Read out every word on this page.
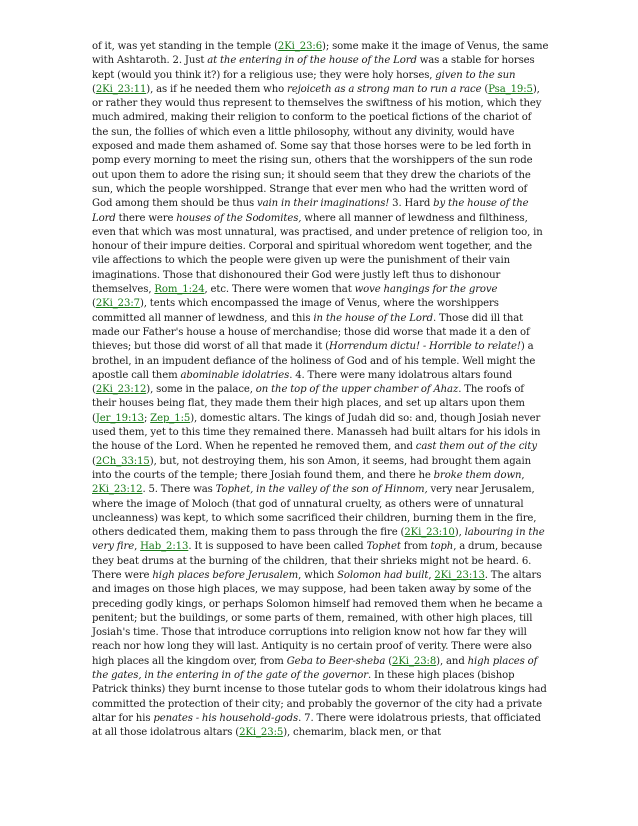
of it, was yet standing in the temple (2Ki_23:6); some make it the image of Venus, the same with Ashtaroth. 2. Just at the entering in of the house of the Lord was a stable for horses kept (would you think it?) for a religious use; they were holy horses, given to the sun (2Ki_23:11), as if he needed them who rejoiceth as a strong man to run a race (Psa_19:5), or rather they would thus represent to themselves the swiftness of his motion, which they much admired, making their religion to conform to the poetical fictions of the chariot of the sun, the follies of which even a little philosophy, without any divinity, would have exposed and made them ashamed of. Some say that those horses were to be led forth in pomp every morning to meet the rising sun, others that the worshippers of the sun rode out upon them to adore the rising sun; it should seem that they drew the chariots of the sun, which the people worshipped. Strange that ever men who had the written word of God among them should be thus vain in their imaginations! 3. Hard by the house of the Lord there were houses of the Sodomites, where all manner of lewdness and filthiness, even that which was most unnatural, was practised, and under pretence of religion too, in honour of their impure deities. Corporal and spiritual whoredom went together, and the vile affections to which the people were given up were the punishment of their vain imaginations. Those that dishonoured their God were justly left thus to dishonour themselves, Rom_1:24, etc. There were women that wove hangings for the grove (2Ki_23:7), tents which encompassed the image of Venus, where the worshippers committed all manner of lewdness, and this in the house of the Lord. Those did ill that made our Father's house a house of merchandise; those did worse that made it a den of thieves; but those did worst of all that made it (Horrendum dictu! - Horrible to relate!) a brothel, in an impudent defiance of the holiness of God and of his temple. Well might the apostle call them abominable idolatries. 4. There were many idolatrous altars found (2Ki_23:12), some in the palace, on the top of the upper chamber of Ahaz. The roofs of their houses being flat, they made them their high places, and set up altars upon them (Jer_19:13; Zep_1:5), domestic altars. The kings of Judah did so: and, though Josiah never used them, yet to this time they remained there. Manasseh had built altars for his idols in the house of the Lord. When he repented he removed them, and cast them out of the city (2Ch_33:15), but, not destroying them, his son Amon, it seems, had brought them again into the courts of the temple; there Josiah found them, and there he broke them down, 2Ki_23:12. 5. There was Tophet, in the valley of the son of Hinnom, very near Jerusalem, where the image of Moloch (that god of unnatural cruelty, as others were of unnatural uncleanness) was kept, to which some sacrificed their children, burning them in the fire, others dedicated them, making them to pass through the fire (2Ki_23:10), labouring in the very fire, Hab_2:13. It is supposed to have been called Tophet from toph, a drum, because they beat drums at the burning of the children, that their shrieks might not be heard. 6. There were high places before Jerusalem, which Solomon had built, 2Ki_23:13. The altars and images on those high places, we may suppose, had been taken away by some of the preceding godly kings, or perhaps Solomon himself had removed them when he became a penitent; but the buildings, or some parts of them, remained, with other high places, till Josiah's time. Those that introduce corruptions into religion know not how far they will reach nor how long they will last. Antiquity is no certain proof of verity. There were also high places all the kingdom over, from Geba to Beer-sheba (2Ki_23:8), and high places of the gates, in the entering in of the gate of the governor. In these high places (bishop Patrick thinks) they burnt incense to those tutelar gods to whom their idolatrous kings had committed the protection of their city; and probably the governor of the city had a private altar for his penates - his household-gods. 7. There were idolatrous priests, that officiated at all those idolatrous altars (2Ki_23:5), chemarim, black men, or that
